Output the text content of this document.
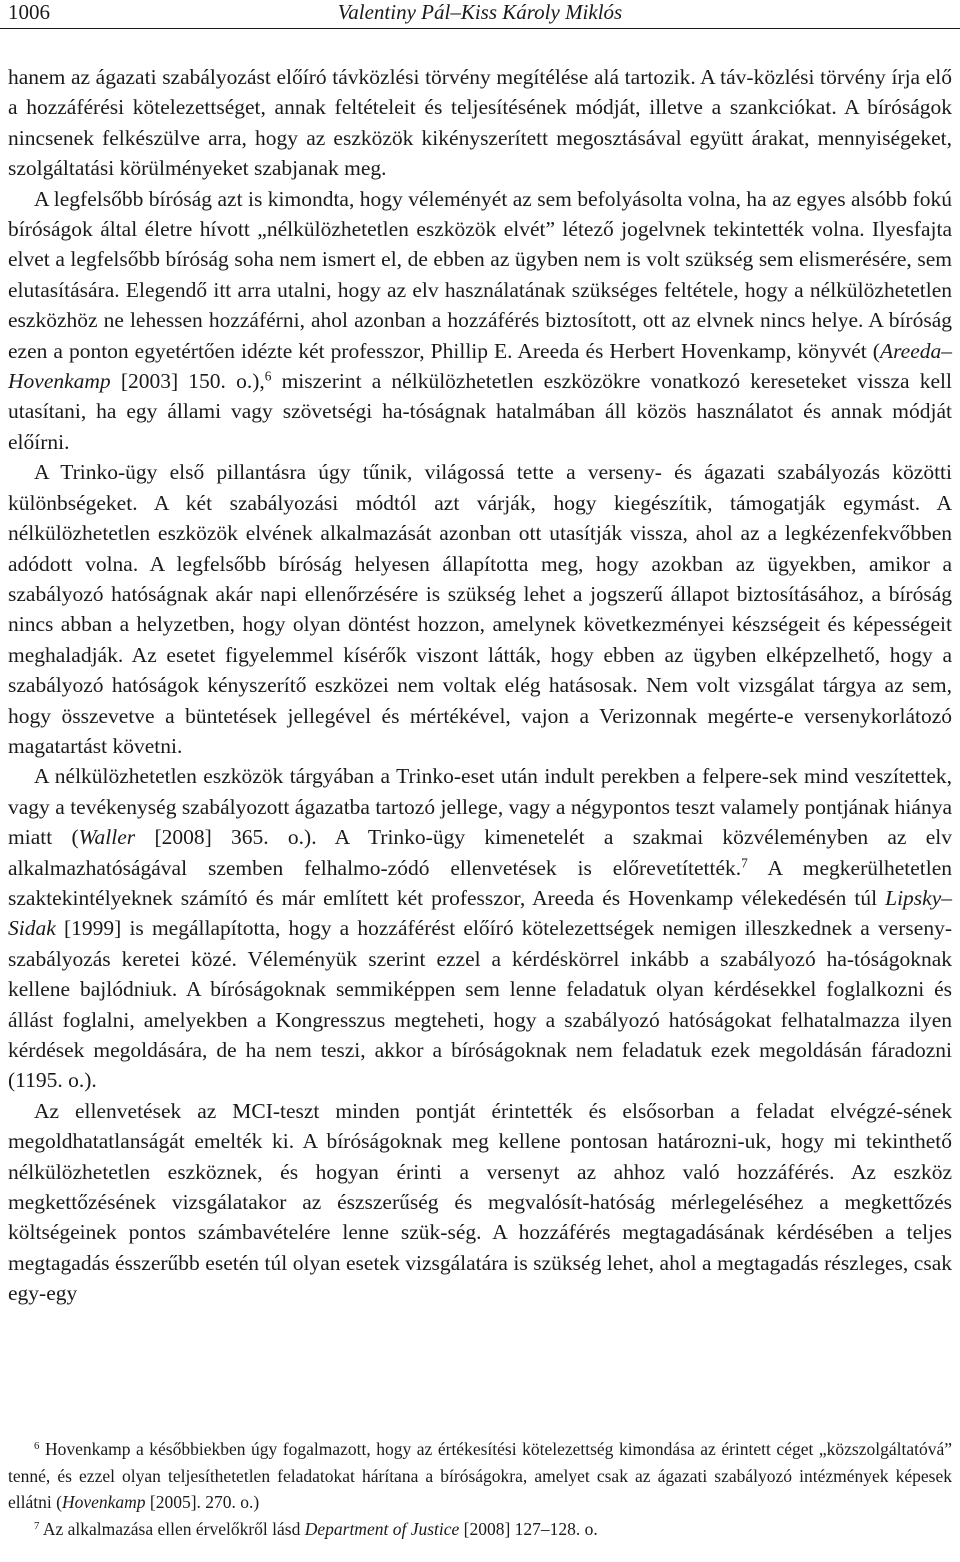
1006	Valentiny Pál–Kiss Károly Miklós

hanem az ágazati szabályozást előíró távközlési törvény megítélése alá tartozik. A táv-közlési törvény írja elő a hozzáférési kötelezettséget, annak feltételeit és teljesítésének módját, illetve a szankciókat. A bíróságok nincsenek felkészülve arra, hogy az eszközök kikényszerített megosztásával együtt árakat, mennyiségeket, szolgáltatási körülményeket szabjanak meg.

A legfelsőbb bíróság azt is kimondta, hogy véleményét az sem befolyásolta volna, ha az egyes alsóbb fokú bíróságok által életre hívott „nélkülözhetetlen eszközök elvét” létező jogelvnek tekintették volna. Ilyesfajta elvet a legfelsőbb bíróság soha nem ismert el, de ebben az ügyben nem is volt szükség sem elismerésére, sem elutasítására. Elegendő itt arra utalni, hogy az elv használatának szükséges feltétele, hogy a nélkülözhetetlen eszközhöz ne lehessen hozzáférni, ahol azonban a hozzáférés biztosított, ott az elvnek nincs helye. A bíróság ezen a ponton egyetértően idézte két professzor, Phillip E. Areeda és Herbert Hovenkamp, könyvét (Areeda–Hovenkamp [2003] 150. o.),$^6$ miszerint a nélkülözhetetlen eszközökre vonatkozó kereseteket vissza kell utasítani, ha egy állami vagy szövetségi ha-tóságnak hatalmában áll közös használatot és annak módját előírni.

A Trinko-ügy első pillantásra úgy tűnik, világossá tette a verseny- és ágazati szabályozás közötti különbségeket. A két szabályozási módtól azt várják, hogy kiegészítik, támogatják egymást. A nélkülözhetetlen eszközök elvének alkalmazását azonban ott utasítják vissza, ahol az a legkézenfekvőbben adódott volna. A legfelsőbb bíróság helyesen állapította meg, hogy azokban az ügyekben, amikor a szabályozó hatóságnak akár napi ellenőrzésére is szükség lehet a jogszerű állapot biztosításához, a bíróság nincs abban a helyzetben, hogy olyan döntést hozzon, amelynek következményei készségeit és képességeit meghaladják. Az esetet figyelemmel kísérők viszont látták, hogy ebben az ügyben elképzelhető, hogy a szabályozó hatóságok kényszerítő eszközei nem voltak elég hatásosak. Nem volt vizsgálat tárgya az sem, hogy összevetve a büntetések jellegével és mértékével, vajon a Verizonnak megérte-e versenykorlátozó magatartást követni.

A nélkülözhetetlen eszközök tárgyában a Trinko-eset után indult perekben a felpere-sek mind veszítettek, vagy a tevékenység szabályozott ágazatba tartozó jellege, vagy a négypontos teszt valamely pontjának hiánya miatt (Waller [2008] 365. o.). A Trinko-ügy kimenetelét a szakmai közvéleményben az elv alkalmazhatóságával szemben felhalmo-zódó ellenvetések is előrevetítették.$^7$ A megkerülhetetlen szaktekintélyeknek számító és már említett két professzor, Areeda és Hovenkamp vélekedésén túl Lipsky–Sidak [1999] is megállapította, hogy a hozzáférést előíró kötelezettségek nemigen illeszkednek a verseny-szabályozás keretei közé. Véleményük szerint ezzel a kérdéskörrel inkább a szabályozó ha-tóságoknak kellene bajlódniuk. A bíróságoknak semmiképpen sem lenne feladatuk olyan kérdésekkel foglalkozni és állást foglalni, amelyekben a Kongresszus megteheti, hogy a szabályozó hatóságokat felhatalmazza ilyen kérdések megoldására, de ha nem teszi, akkor a bíróságoknak nem feladatuk ezek megoldásán fáradozni (1195. o.).

Az ellenvetések az MCI-teszt minden pontját érintették és elsősorban a feladat elvégzé-sének megoldhatatlanságát emelték ki. A bíróságoknak meg kellene pontosan határozni-uk, hogy mi tekinthető nélkülözhetetlen eszköznek, és hogyan érinti a versenyt az ahhoz való hozzáférés. Az eszköz megkettőzésének vizsgálatakor az észszerűség és megvalósít-hatóság mérlegeléséhez a megkettőzés költségeinek pontos számbavételére lenne szük-ség. A hozzáférés megtagadásának kérdésében a teljes megtagadás ésszerűbb esetén túl olyan esetek vizsgálatára is szükség lehet, ahol a megtagadás részleges, csak egy-egy

$^6$ Hovenkamp a későbbiekben úgy fogalmazott, hogy az értékesítési kötelezettség kimondása az érintett céget „közszolgáltatóvá” tenné, és ezzel olyan teljesíthetetlen feladatokat hárítana a bíróságokra, amelyet csak az ágazati szabályozó intézmények képesek ellátni (Hovenkamp [2005]. 270. o.)

$^7$ Az alkalmazása ellen érvelőkről lásd Department of Justice [2008] 127–128. o.
